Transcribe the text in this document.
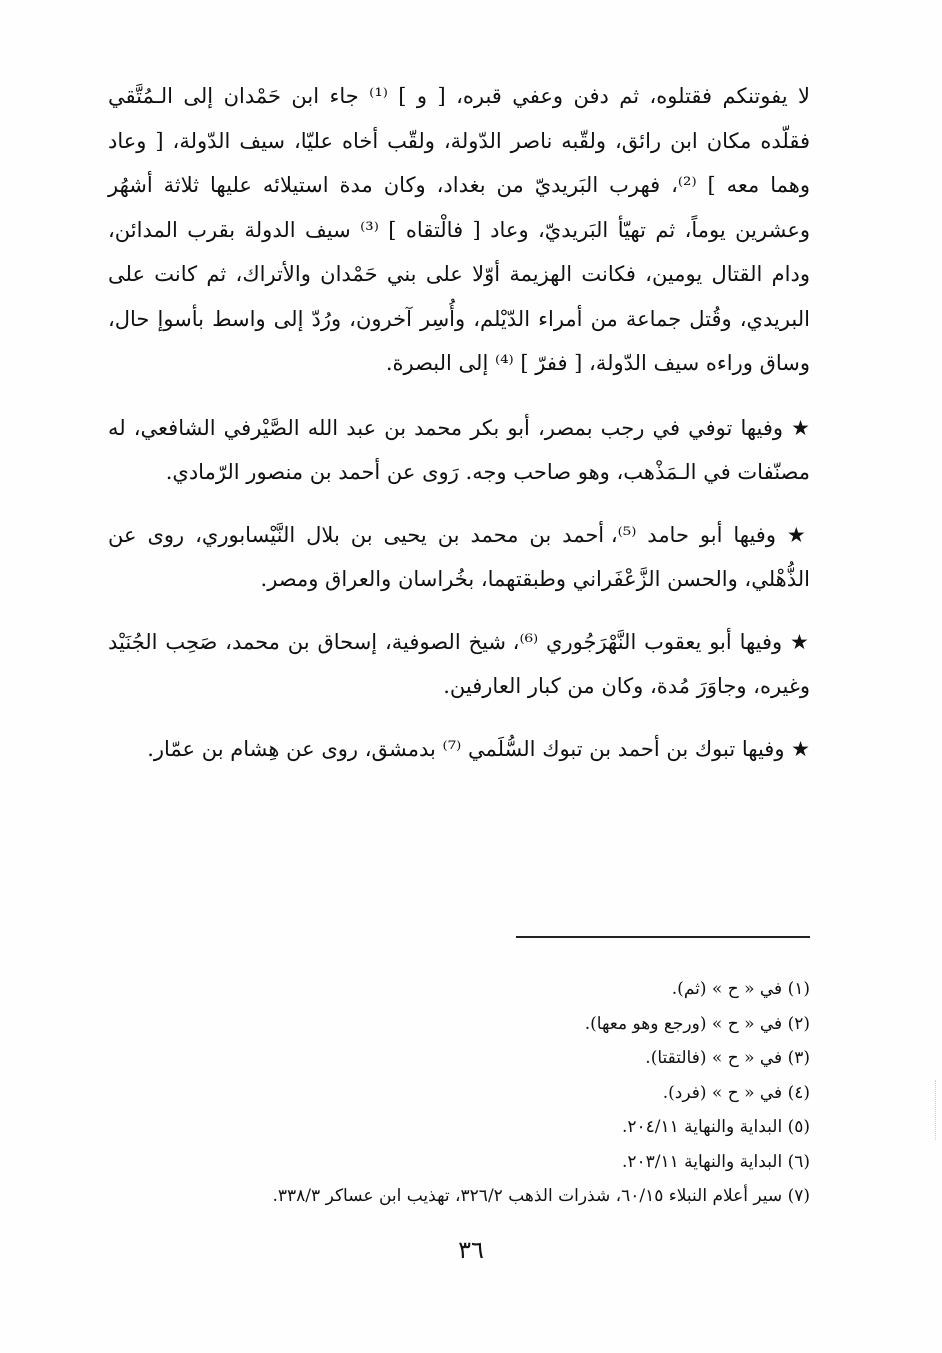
لا يفوتنكم فقتلوه، ثم دفن وعفي قبره، [ و ] ⁽¹⁾ جاء ابن حَمْدان إلى الـمُتَّقي فقلّده مكان ابن رائق، ولقّبه ناصر الدّولة، ولقّب أخاه عليّا، سيف الدّولة، [ وعاد وهما معه ] ⁽²⁾، فهرب البَريديّ من بغداد، وكان مدة استيلائه عليها ثلاثة أشهُر وعشرين يوماً، ثم تهيّأ البَريديّ، وعاد [ فالْتقاه ] ⁽³⁾ سيف الدولة بقرب المدائن، ودام القتال يومين، فكانت الهزيمة أوّلا على بني حَمْدان والأتراك، ثم كانت على البريدي، وقُتل جماعة من أمراء الدّيْلم، وأُسِر آخرون، ورُدّ إلى واسط بأسوإ حال، وساق وراءه سيف الدّولة، [ ففرّ ] ⁽⁴⁾ إلى البصرة.

★ وفيها توفي في رجب بمصر، أبو بكر محمد بن عبد الله الصَّيْرفي الشافعي، له مصنّفات في الـمَذْهب، وهو صاحب وجه. رَوى عن أحمد بن منصور الرّمادي.

★ وفيها أبو حامد ⁽⁵⁾، أحمد بن محمد بن يحيى بن بلال النَّيْسابوري، روى عن الذُّهْلي، والحسن الزَّعْفَراني وطبقتهما، بخُراسان والعراق ومصر.

★ وفيها أبو يعقوب النَّهْرَجُوري ⁽⁶⁾، شيخ الصوفية، إسحاق بن محمد، صَحِب الجُنَيْد وغيره، وجاوَرَ مُدة، وكان من كبار العارفين.

★ وفيها تبوك بن أحمد بن تبوك السُّلَمي ⁽⁷⁾ بدمشق، روى عن هِشام بن عمّار.

(١) في « ح » (ثم).

(٢) في « ح » (ورجع وهو معها).

(٣) في « ح » (فالتقتا).

(٤) في « ح » (فرد).

(٥) البداية والنهاية ٢٠٤/١١.

(٦) البداية والنهاية ٢٠٣/١١.

(٧) سير أعلام النبلاء ٦٠/١٥، شذرات الذهب ٣٢٦/٢، تهذيب ابن عساكر ٣٣٨/٣.

٣٦
